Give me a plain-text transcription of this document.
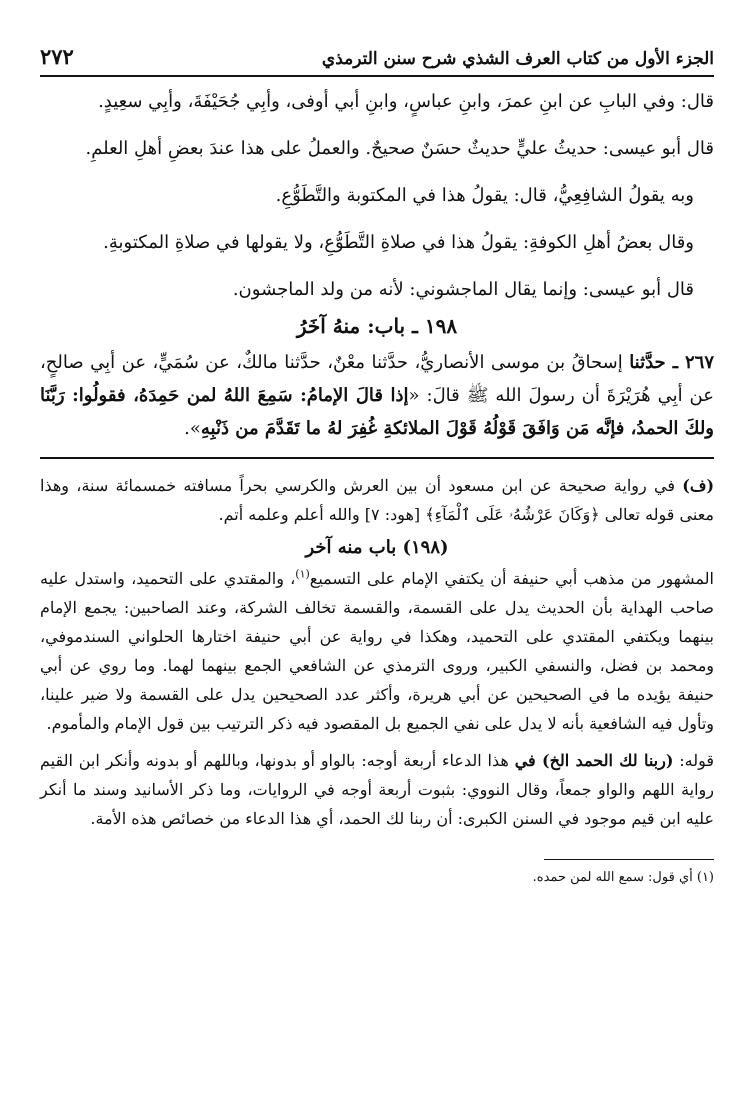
الجزء الأول من كتاب العرف الشذي شرح سنن الترمذي
٢٧٢

قال: وفي البابِ عن ابنِ عمرَ، وابنِ عباسٍ، وابنِ أبي أوفى، وأبِي جُحَيْفَةَ، وأبِي سعِيدٍ.

قال أبو عيسى: حديثُ عليٍّ حديثٌ حسَنٌ صحيحٌ. والعملُ على هذا عندَ بعضِ أهلِ العلمِ.

وبه يقولُ الشافِعِيُّ، قال: يقولُ هذا في المكتوبة والتَّطَوُّعِ.

وقال بعضُ أهلِ الكوفةِ: يقولُ هذا في صلاةِ التَّطَوُّعِ، ولا يقولها في صلاةِ المكتوبةِ.

قال أبو عيسى: وإنما يقال الماجشوني: لأنه من ولد الماجشون.

١٩٨ ـ باب: منهُ آخَرُ

٢٦٧ ـ حدَّثنا إسحاقُ بن موسى الأنصاريُّ، حدَّثنا معْنٌ، حدَّثنا مالكٌ، عن سُمَيٍّ، عن أبِي صالحٍ، عن أبِي هُرَيْرَةَ أن رسولَ الله ﷺ قالَ: «إذا قالَ الإمامُ: سَمِعَ اللهُ لمن حَمِدَهُ، فقولُوا: رَبَّنَا ولكَ الحمدُ، فإنَّه مَن وَافَقَ قَوْلُهُ قَوْلَ الملائكةِ غُفِرَ لهُ ما تَقَدَّمَ من ذَنْبِهِ».

(ف) في رواية صحيحة عن ابن مسعود أن بين العرش والكرسي بحراً مسافته خمسمائة سنة، وهذا معنى قوله تعالى ﴿وَكَانَ عَرْشُهُۥ عَلَى ٱلْمَآءِ﴾ [هود: ٧] والله أعلم وعلمه أتم.

(١٩٨) باب منه آخر

المشهور من مذهب أبي حنيفة أن يكتفي الإمام على التسميع$^{(١)}$، والمقتدي على التحميد، واستدل عليه صاحب الهداية بأن الحديث يدل على القسمة، والقسمة تخالف الشركة، وعند الصاحبين: يجمع الإمام بينهما ويكتفي المقتدي على التحميد، وهكذا في رواية عن أبي حنيفة اختارها الحلواني السندموفي، ومحمد بن فضل، والنسفي الكبير، وروى الترمذي عن الشافعي الجمع بينهما لهما. وما روي عن أبي حنيفة يؤيده ما في الصحيحين عن أبي هريرة، وأكثر عدد الصحيحين يدل على القسمة ولا ضير علينا، وتأول فيه الشافعية بأنه لا يدل على نفي الجميع بل المقصود فيه ذكر الترتيب بين قول الإمام والمأموم.

قوله: (ربنا لك الحمد الخ) في هذا الدعاء أربعة أوجه: بالواو أو بدونها، وباللهم أو بدونه وأنكر ابن القيم رواية اللهم والواو جمعاً، وقال النووي: بثبوت أربعة أوجه في الروايات، وما ذكر الأسانيد وسند ما أنكر عليه ابن قيم موجود في السنن الكبرى: أن ربنا لك الحمد، أي هذا الدعاء من خصائص هذه الأمة.

(١) أي قول: سمع الله لمن حمده.
